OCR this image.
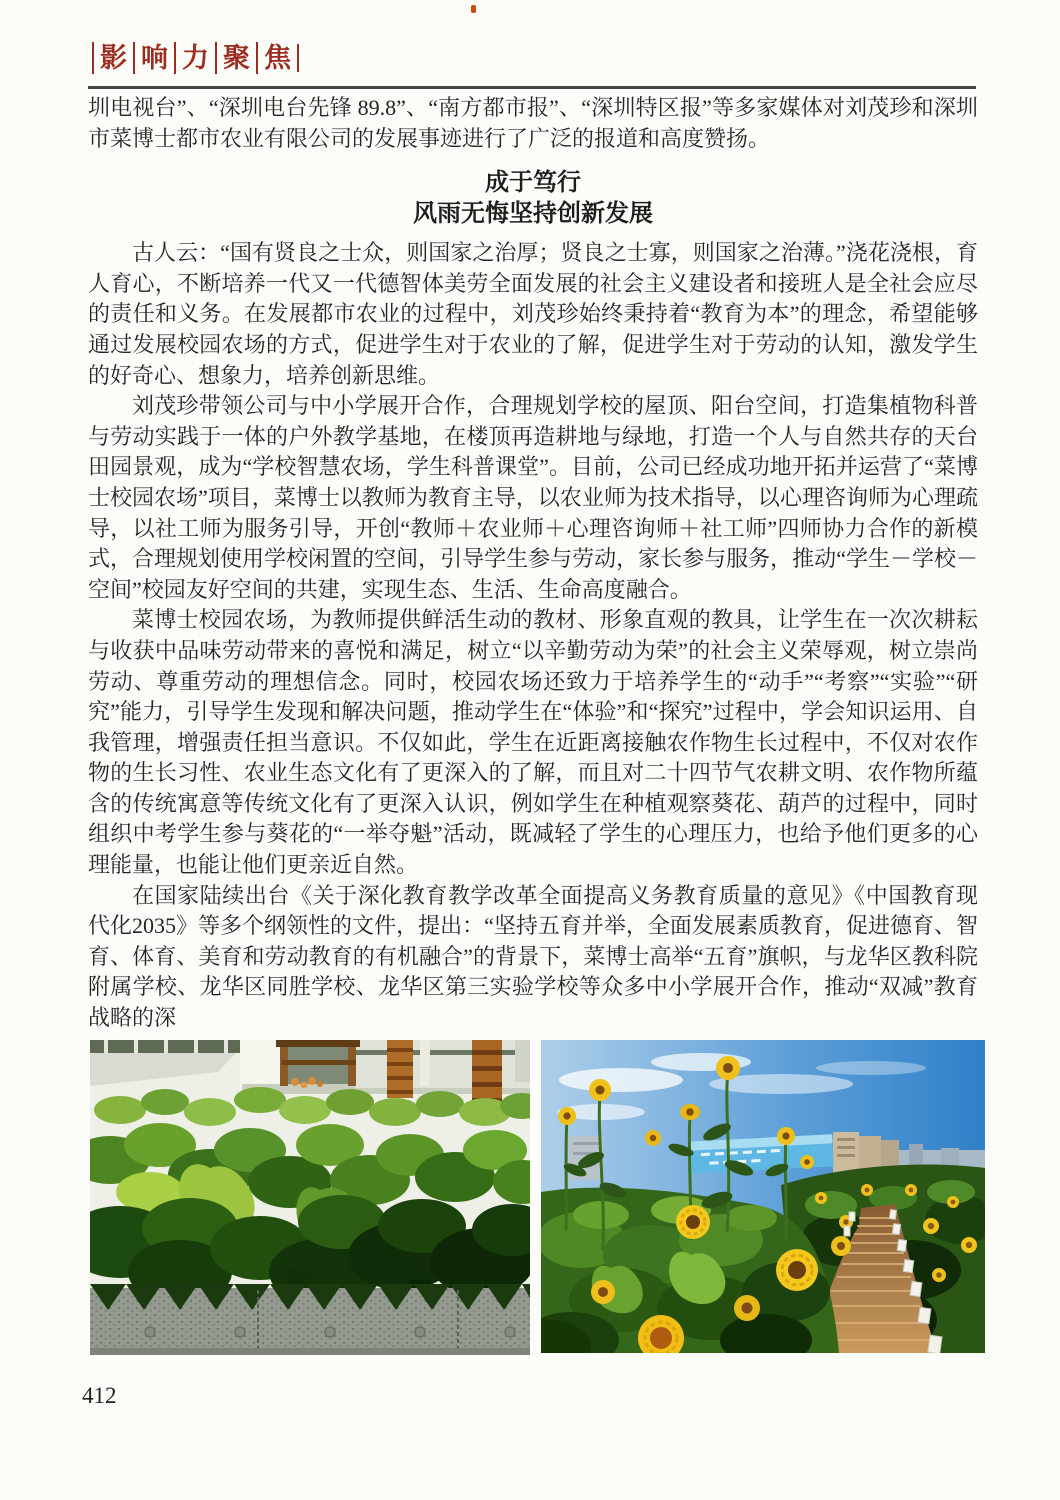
影 响 力 聚 焦

圳电视台”、“深圳电台先锋 89.8”、“南方都市报”、“深圳特区报”等多家媒体对刘茂珍和深圳市菜博士都市农业有限公司的发展事迹进行了广泛的报道和高度赞扬。

成于笃行
风雨无悔坚持创新发展

古人云：“国有贤良之士众，则国家之治厚；贤良之士寡，则国家之治薄。”浇花浇根，育人育心，不断培养一代又一代德智体美劳全面发展的社会主义建设者和接班人是全社会应尽的责任和义务。在发展都市农业的过程中，刘茂珍始终秉持着“教育为本”的理念，希望能够通过发展校园农场的方式，促进学生对于农业的了解，促进学生对于劳动的认知，激发学生的好奇心、想象力，培养创新思维。

刘茂珍带领公司与中小学展开合作，合理规划学校的屋顶、阳台空间，打造集植物科普与劳动实践于一体的户外教学基地，在楼顶再造耕地与绿地，打造一个人与自然共存的天台田园景观，成为“学校智慧农场，学生科普课堂”。目前，公司已经成功地开拓并运营了“菜博士校园农场”项目，菜博士以教师为教育主导，以农业师为技术指导，以心理咨询师为心理疏导，以社工师为服务引导，开创“教师＋农业师＋心理咨询师＋社工师”四师协力合作的新模式，合理规划使用学校闲置的空间，引导学生参与劳动，家长参与服务，推动“学生－学校－空间”校园友好空间的共建，实现生态、生活、生命高度融合。

菜博士校园农场，为教师提供鲜活生动的教材、形象直观的教具，让学生在一次次耕耘与收获中品味劳动带来的喜悦和满足，树立“以辛勤劳动为荣”的社会主义荣辱观，树立崇尚劳动、尊重劳动的理想信念。同时，校园农场还致力于培养学生的“动手”“考察”“实验”“研究”能力，引导学生发现和解决问题，推动学生在“体验”和“探究”过程中，学会知识运用、自我管理，增强责任担当意识。不仅如此，学生在近距离接触农作物生长过程中，不仅对农作物的生长习性、农业生态文化有了更深入的了解，而且对二十四节气农耕文明、农作物所蕴含的传统寓意等传统文化有了更深入认识，例如学生在种植观察葵花、葫芦的过程中，同时组织中考学生参与葵花的“一举夺魁”活动，既减轻了学生的心理压力，也给予他们更多的心理能量，也能让他们更亲近自然。

在国家陆续出台《关于深化教育教学改革全面提高义务教育质量的意见》《中国教育现代化2035》等多个纲领性的文件，提出：“坚持五育并举，全面发展素质教育，促进德育、智育、体育、美育和劳动教育的有机融合”的背景下，菜博士高举“五育”旗帜，与龙华区教科院附属学校、龙华区同胜学校、龙华区第三实验学校等众多中小学展开合作，推动“双减”教育战略的深

412
